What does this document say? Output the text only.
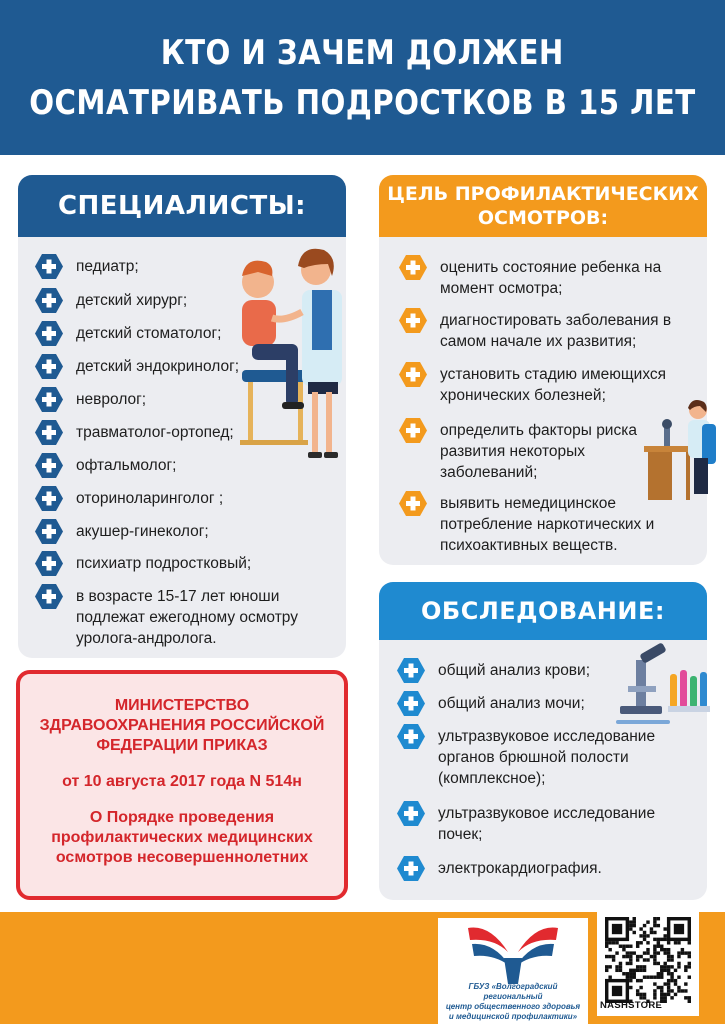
КТО И ЗАЧЕМ ДОЛЖЕН
ОСМАТРИВАТЬ ПОДРОСТКОВ В 15 ЛЕТ
СПЕЦИАЛИСТЫ:
педиатр;
детский хирург;
детский стоматолог;
детский эндокринолог;
невролог;
травматолог-ортопед;
офтальмолог;
оториноларинголог ;
акушер-гинеколог;
психиатр подростковый;
в возрасте 15-17 лет юноши
подлежат ежегодному осмотру
уролога-андролога.
ЦЕЛЬ ПРОФИЛАКТИЧЕСКИХ
ОСМОТРОВ:
оценить состояние ребенка на
момент осмотра;
диагностировать заболевания в
самом начале их развития;
установить стадию имеющихся
хронических болезней;
определить факторы риска
развития некоторых
заболеваний;
выявить немедицинское
потребление наркотических и
психоактивных веществ.
ОБСЛЕДОВАНИЕ:
общий анализ крови;
общий анализ мочи;
ультразвуковое исследование
органов брюшной полости
(комплексное);
ультразвуковое исследование
почек;
электрокардиография.
МИНИСТЕРСТВО
ЗДРАВООХРАНЕНИЯ РОССИЙСКОЙ
ФЕДЕРАЦИИ ПРИКАЗ
от 10 августа 2017 года N 514н
О Порядке проведения
профилактических медицинских
осмотров несовершеннолетних
ГБУЗ «Волгоградский региональный
центр общественного здоровья
и медицинской профилактики»
NASHSTORE
